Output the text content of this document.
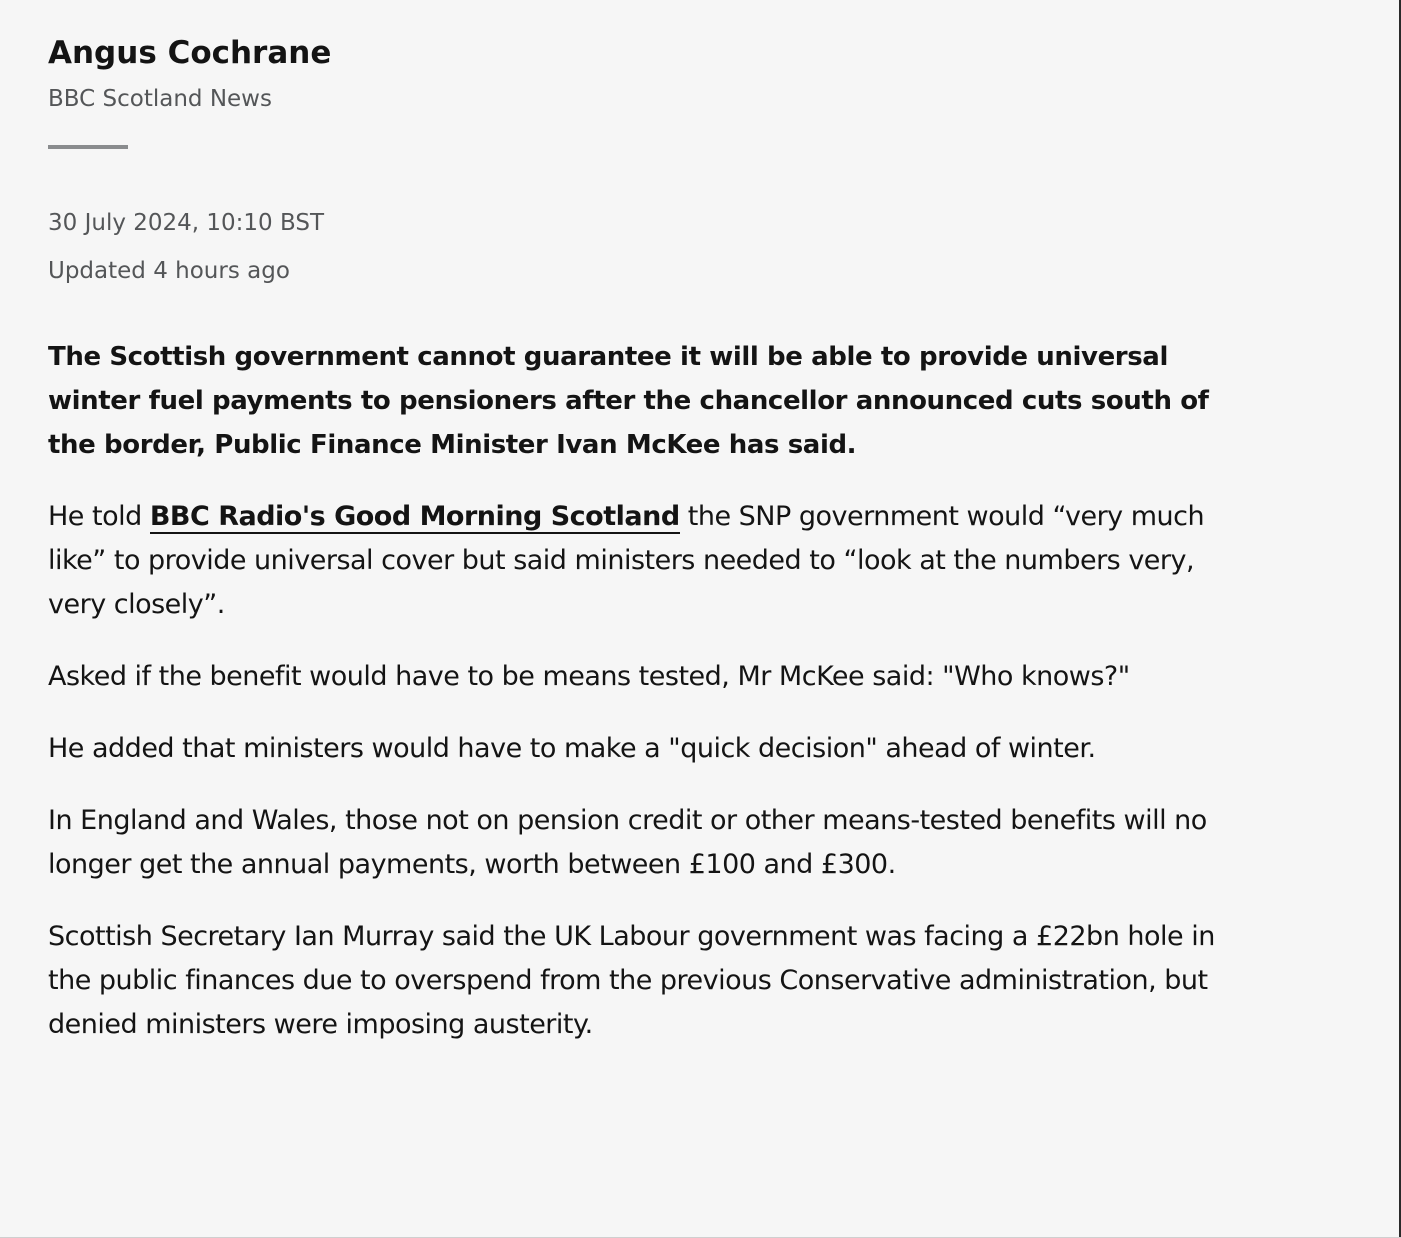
Angus Cochrane

BBC Scotland News

30 July 2024, 10:10 BST

Updated 4 hours ago

The Scottish government cannot guarantee it will be able to provide universal winter fuel payments to pensioners after the chancellor announced cuts south of the border, Public Finance Minister Ivan McKee has said.

He told BBC Radio's Good Morning Scotland the SNP government would “very much like” to provide universal cover but said ministers needed to “look at the numbers very, very closely”.

Asked if the benefit would have to be means tested, Mr McKee said: "Who knows?"

He added that ministers would have to make a "quick decision" ahead of winter.

In England and Wales, those not on pension credit or other means-tested benefits will no longer get the annual payments, worth between £100 and £300.

Scottish Secretary Ian Murray said the UK Labour government was facing a £22bn hole in the public finances due to overspend from the previous Conservative administration, but denied ministers were imposing austerity.
